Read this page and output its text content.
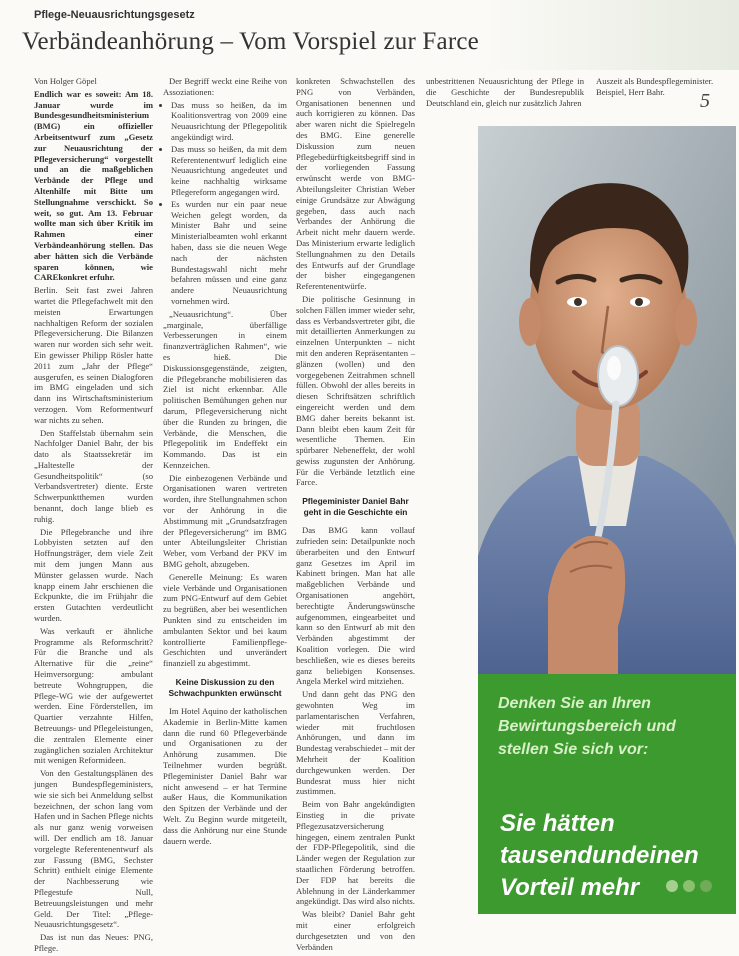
Pflege-Neuausrichtungsgesetz
Verbändeanhörung – Vom Vorspiel zur Farce

Von Holger Göpel

Endlich war es soweit: Am 18. Januar wurde im Bundesgesundheitsministerium (BMG) ein offizieller Arbeitsentwurf zum „Gesetz zur Neuausrichtung der Pflegeversicherung“ vorgestellt und an die maßgeblichen Verbände der Pflege und Altenhilfe mit Bitte um Stellungnahme verschickt. So weit, so gut. Am 13. Februar wollte man sich über Kritik im Rahmen einer Verbändeanhörung stellen. Das aber hätten sich die Verbände sparen können, wie CAREkonkret erfuhr.

Berlin. Seit fast zwei Jahren wartet die Pflegefachwelt mit den meisten Erwartungen nachhaltigen Reform der sozialen Pflegeversicherung. Die Bilanzen waren nur worden sich sehr weit. Ein gewisser Philipp Rösler hatte 2011 zum „Jahr der Pflege“ ausgerufen, es seinen Dialogforen im BMG eingeladen und sich dann ins Wirtschaftsministerium verzogen. Vom Reformentwurf war nichts zu sehen.

Den Staffelstab übernahm sein Nachfolger Daniel Bahr, der bis dato als Staatssekretär im „Haltestelle der Gesundheitspolitik“ (so Verbandsvertreter) diente. Erste Schwerpunktthemen wurden benannt, doch lange blieb es ruhig.

Die Pflegebranche und ihre Lobbyisten setzten auf den Hoffnungsträger, dem viele Zeit mit dem jungen Mann aus Münster gelassen wurde. Nach knapp einem Jahr erschienen die Eckpunkte, die im Frühjahr die ersten Gutachten verdeutlicht wurden.

Was verkauft er ähnliche Programme als Reformschritt? Für die Branche und als Alternative für die „reine“ Heimversorgung: ambulant betreute Wohngruppen, die Pflege-WG wie der aufgewertet werden. Eine Förderstellen, im Quartier verzahnte Hilfen, Betreuungs- und Pflegeleistungen, die zentralen Elemente einer zugänglichen sozialen Architektur mit wenigen Reformideen.

Von den Gestaltungsplänen des jungen Bundespflegeministers, wie sie sich bei Anmeldung selbst bezeichnen, der schon lang vom Hafen und in Sachen Pflege nichts als nur ganz wenig vorweisen will. Der endlich am 18. Januar vorgelegte Referentenentwurf als zur Fassung (BMG, Sechster Schritt) enthielt einige Elemente der Nachbesserung wie Pflegestufe Null, Betreuungsleistungen und mehr Geld. Der Titel: „Pflege-Neuausrichtungsgesetz“.

Das ist nun das Neues: PNG, Pflege.

Der Begriff weckt eine Reihe von Assoziationen:

• Das muss so heißen, da im Koalitionsvertrag von 2009 eine Neuausrichtung der Pflegepolitik angekündigt wird.
• Das muss so heißen, da mit dem Referentenentwurf lediglich eine Neuausrichtung angedeutet und keine nachhaltig wirksame Pflegereform angegangen wird.
• Es wurden nur ein paar neue Weichen gelegt worden, da Minister Bahr und seine Ministerialbeamten wohl erkannt haben, dass sie die neuen Wege nach der nächsten Bundestagswahl nicht mehr befahren müssen und eine ganz andere Neuausrichtung vornehmen wird.

„Neuausrichtung“. Über „marginale, überfällige Verbesserungen in einem finanzverträglichen Rahmen“, wie es hieß. Die Diskussionsgegenstände, zeigten, die Pflegebranche mobilisieren das Ziel ist nicht erkennbar. Alle politischen Bemühungen gehen nur darum, Pflegeversicherung nicht über die Runden zu bringen, die Verbände, die Menschen, die Pflegepolitik im Endeffekt ein Kommando. Das ist ein Kennzeichen.

Die einbezogenen Verbände und Organisationen waren vertreten worden, ihre Stellungnahmen schon vor der Anhörung in die Abstimmung mit „Grundsatzfragen der Pflegeversicherung“ im BMG unter Abteilungsleiter Christian Weber, vom Verband der PKV im BMG geholt, abzugeben.

Generelle Meinung: Es waren viele Verbände und Organisationen zum PNG-Entwurf auf dem Gebiet zu begrüßen, aber bei wesentlichen Punkten sind zu entscheiden im ambulanten Sektor und bei kaum kontrollierte Familienpflege-Geschichten und unverändert finanziell zu abgestimmt.

Keine Diskussion zu den Schwachpunkten erwünscht

Im Hotel Aquino der katholischen Akademie in Berlin-Mitte kamen dann die rund 60 Pflegeverbände und Organisationen zu der Anhörung zusammen. Die Teilnehmer wurden begrüßt. Pflegeminister Daniel Bahr war nicht anwesend – er hat Termine außer Haus, die Kommunikation den Spitzen der Verbände und der Welt. Zu Beginn wurde mitgeteilt, dass die Anhörung nur eine Stunde dauern werde.

konkreten Schwachstellen des PNG von Verbänden, Organisationen benennen und auch korrigieren zu können. Das aber waren nicht die Spielregeln des BMG. Eine generelle Diskussion zum neuen Pflegebedürftigkeitsbegriff sind in der vorliegenden Fassung erwünscht werde von BMG-Abteilungsleiter Christian Weber einige Grundsätze zur Abwägung gegeben, dass auch nach Verbandes der Anhörung die Arbeit nicht mehr dauern werde. Das Ministerium erwarte lediglich Stellungnahmen zu den Details des Entwurfs auf der Grundlage der bisher eingegangenen Referentenentwürfe.

Die politische Gesinnung in solchen Fällen immer wieder sehr, dass es Verbandsvertreter gibt, die mit detaillierten Anmerkungen zu einzelnen Unterpunkten – nicht mit den anderen Repräsentanten – glänzen (wollen) und den vorgegebenen Zeitrahmen schnell füllen. Obwohl der alles bereits in diesen Schriftsätzen schriftlich eingereicht werden und dem BMG daher bereits bekannt ist. Dann bleibt eben kaum Zeit für wesentliche Themen. Ein spürbarer Nebeneffekt, der wohl gewiss zugunsten der Anhörung. Für die Verbände letztlich eine Farce.

Pflegeminister Daniel Bahr geht in die Geschichte ein

Das BMG kann vollauf zufrieden sein: Detailpunkte noch überarbeiten und den Entwurf ganz Gesetzes im April im Kabinett bringen. Man hat alle maßgeblichen Verbände und Organisationen angehört, berechtigte Änderungswünsche aufgenommen, eingearbeitet und kann so den Entwurf ab mit den Verbänden abgestimmt der Koalition vorlegen. Die wird beschließen, wie es dieses bereits ganz beliebigen Konsenses. Angela Merkel wird mitziehen.

Und dann geht das PNG den gewohnten Weg im parlamentarischen Verfahren, wieder mit fruchtlosen Anhörungen, und dann im Bundestag verabschiedet – mit der Mehrheit der Koalition durchgewunken werden. Der Bundesrat muss hier nicht zustimmen.

Beim von Bahr angekündigten Einstieg in die private Pflegezusatzversicherung hingegen, einem zentralen Punkt der FDP-Pflegepolitik, sind die Länder wegen der Regulation zur staatlichen Förderung betroffen. Der FDP hat bereits die Ablehnung in der Länderkammer angekündigt. Das wird also nichts.

Was bleibt? Daniel Bahr geht mit einer erfolgreich durchgesetzten und von den Verbänden

unbestrittenen Neuausrichtung der Pflege in die Geschichte der Bundesrepublik Deutschland ein, gleich nur zusätzlich Jahren

Auszeit als Bundespflegeminister. Beispiel, Herr Bahr.	5
Denken Sie an Ihren Bewirtungsbereich und stellen Sie sich vor:
Sie hätten tausendundeinen Vorteil mehr
